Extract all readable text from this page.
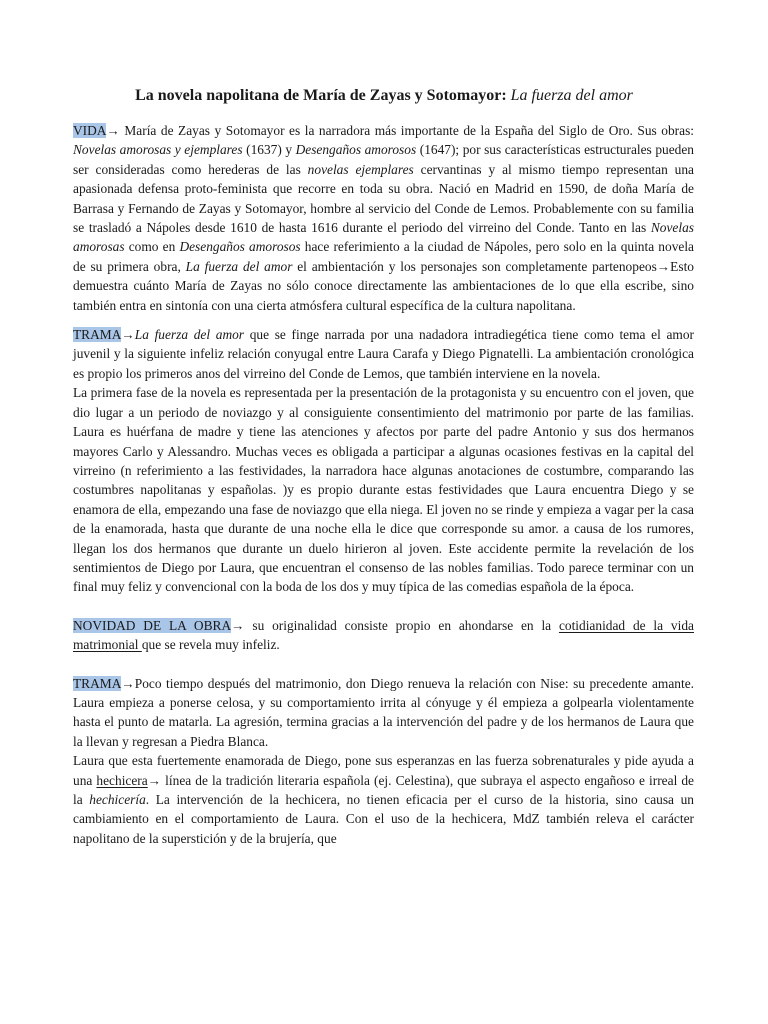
La novela napolitana de María de Zayas y Sotomayor: La fuerza del amor

VIDA→ María de Zayas y Sotomayor es la narradora más importante de la España del Siglo de Oro. Sus obras: Novelas amorosas y ejemplares (1637) y Desengaños amorosos (1647); por sus características estructurales pueden ser consideradas como herederas de las novelas ejemplares cervantinas y al mismo tiempo representan una apasionada defensa proto-feminista que recorre en toda su obra. Nació en Madrid en 1590, de doña María de Barrasa y Fernando de Zayas y Sotomayor, hombre al servicio del Conde de Lemos. Probablemente con su familia se trasladó a Nápoles desde 1610 de hasta 1616 durante el periodo del virreino del Conde. Tanto en las Novelas amorosas como en Desengaños amorosos hace referimiento a la ciudad de Nápoles, pero solo en la quinta novela de su primera obra, La fuerza del amor el ambientación y los personajes son completamente partenopeos→Esto demuestra cuánto María de Zayas no sólo conoce directamente las ambientaciones de lo que ella escribe, sino también entra en sintonía con una cierta atmósfera cultural específica de la cultura napolitana.

TRAMA→La fuerza del amor que se finge narrada por una nadadora intradiegética tiene como tema el amor juvenil y la siguiente infeliz relación conyugal entre Laura Carafa y Diego Pignatelli. La ambientación cronológica es propio los primeros anos del virreino del Conde de Lemos, que también interviene en la novela.

La primera fase de la novela es representada per la presentación de la protagonista y su encuentro con el joven, que dio lugar a un periodo de noviazgo y al consiguiente consentimiento del matrimonio por parte de las familias. Laura es huérfana de madre y tiene las atenciones y afectos por parte del padre Antonio y sus dos hermanos mayores Carlo y Alessandro. Muchas veces es obligada a participar a algunas ocasiones festivas en la capital del virreino (n referimiento a las festividades, la narradora hace algunas anotaciones de costumbre, comparando las costumbres napolitanas y españolas. )y es propio durante estas festividades que Laura encuentra Diego y se enamora de ella, empezando una fase de noviazgo que ella niega. El joven no se rinde y empieza a vagar per la casa de la enamorada, hasta que durante de una noche ella le dice que corresponde su amor. a causa de los rumores, llegan los dos hermanos que durante un duelo hirieron al joven. Este accidente permite la revelación de los sentimientos de Diego por Laura, que encuentran el consenso de las nobles familias. Todo parece terminar con un final muy feliz y convencional con la boda de los dos y muy típica de las comedias española de la época.

NOVIDAD DE LA OBRA→ su originalidad consiste propio en ahondarse en la cotidianidad de la vida matrimonial que se revela muy infeliz.

TRAMA→Poco tiempo después del matrimonio, don Diego renueva la relación con Nise: su precedente amante. Laura empieza a ponerse celosa, y su comportamiento irrita al cónyuge y él empieza a golpearla violentamente hasta el punto de matarla. La agresión, termina gracias a la intervención del padre y de los hermanos de Laura que la llevan y regresan a Piedra Blanca.

Laura que esta fuertemente enamorada de Diego, pone sus esperanzas en las fuerza sobrenaturales y pide ayuda a una hechicera→ línea de la tradición literaria española (ej. Celestina), que subraya el aspecto engañoso e irreal de la hechicería. La intervención de la hechicera, no tienen eficacia per el curso de la historia, sino causa un cambiamiento en el comportamiento de Laura. Con el uso de la hechicera, MdZ también releva el carácter napolitano de la superstición y de la brujería, que
